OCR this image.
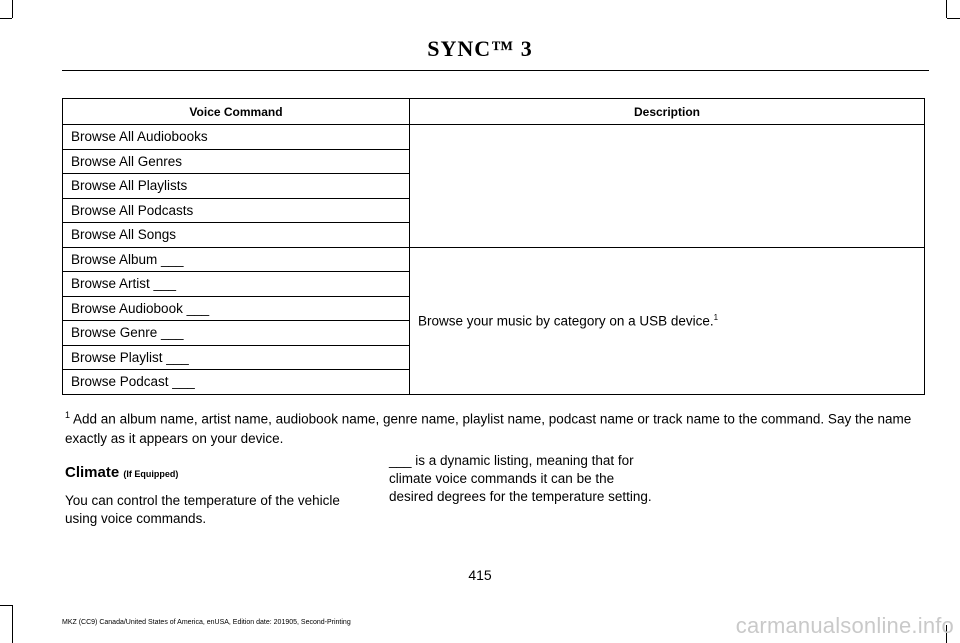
SYNC™ 3
Voice Command	Description
Browse All Audiobooks	
Browse All Genres	
Browse All Playlists	
Browse All Podcasts	
Browse All Songs	
Browse Album ___	Browse your music by category on a USB device.$^1$
Browse Artist ___	
Browse Audiobook ___	
Browse Genre ___	
Browse Playlist ___	
Browse Podcast ___	
$^1$ Add an album name, artist name, audiobook name, genre name, playlist name, podcast name or track name to the command. Say the name exactly as it appears on your device.
Climate (If Equipped)
You can control the temperature of the vehicle using voice commands.
___ is a dynamic listing, meaning that for climate voice commands it can be the desired degrees for the temperature setting.
415
MKZ (CC9) Canada/United States of America, enUSA, Edition date: 201905, Second-Printing	carmanualsonline.info
